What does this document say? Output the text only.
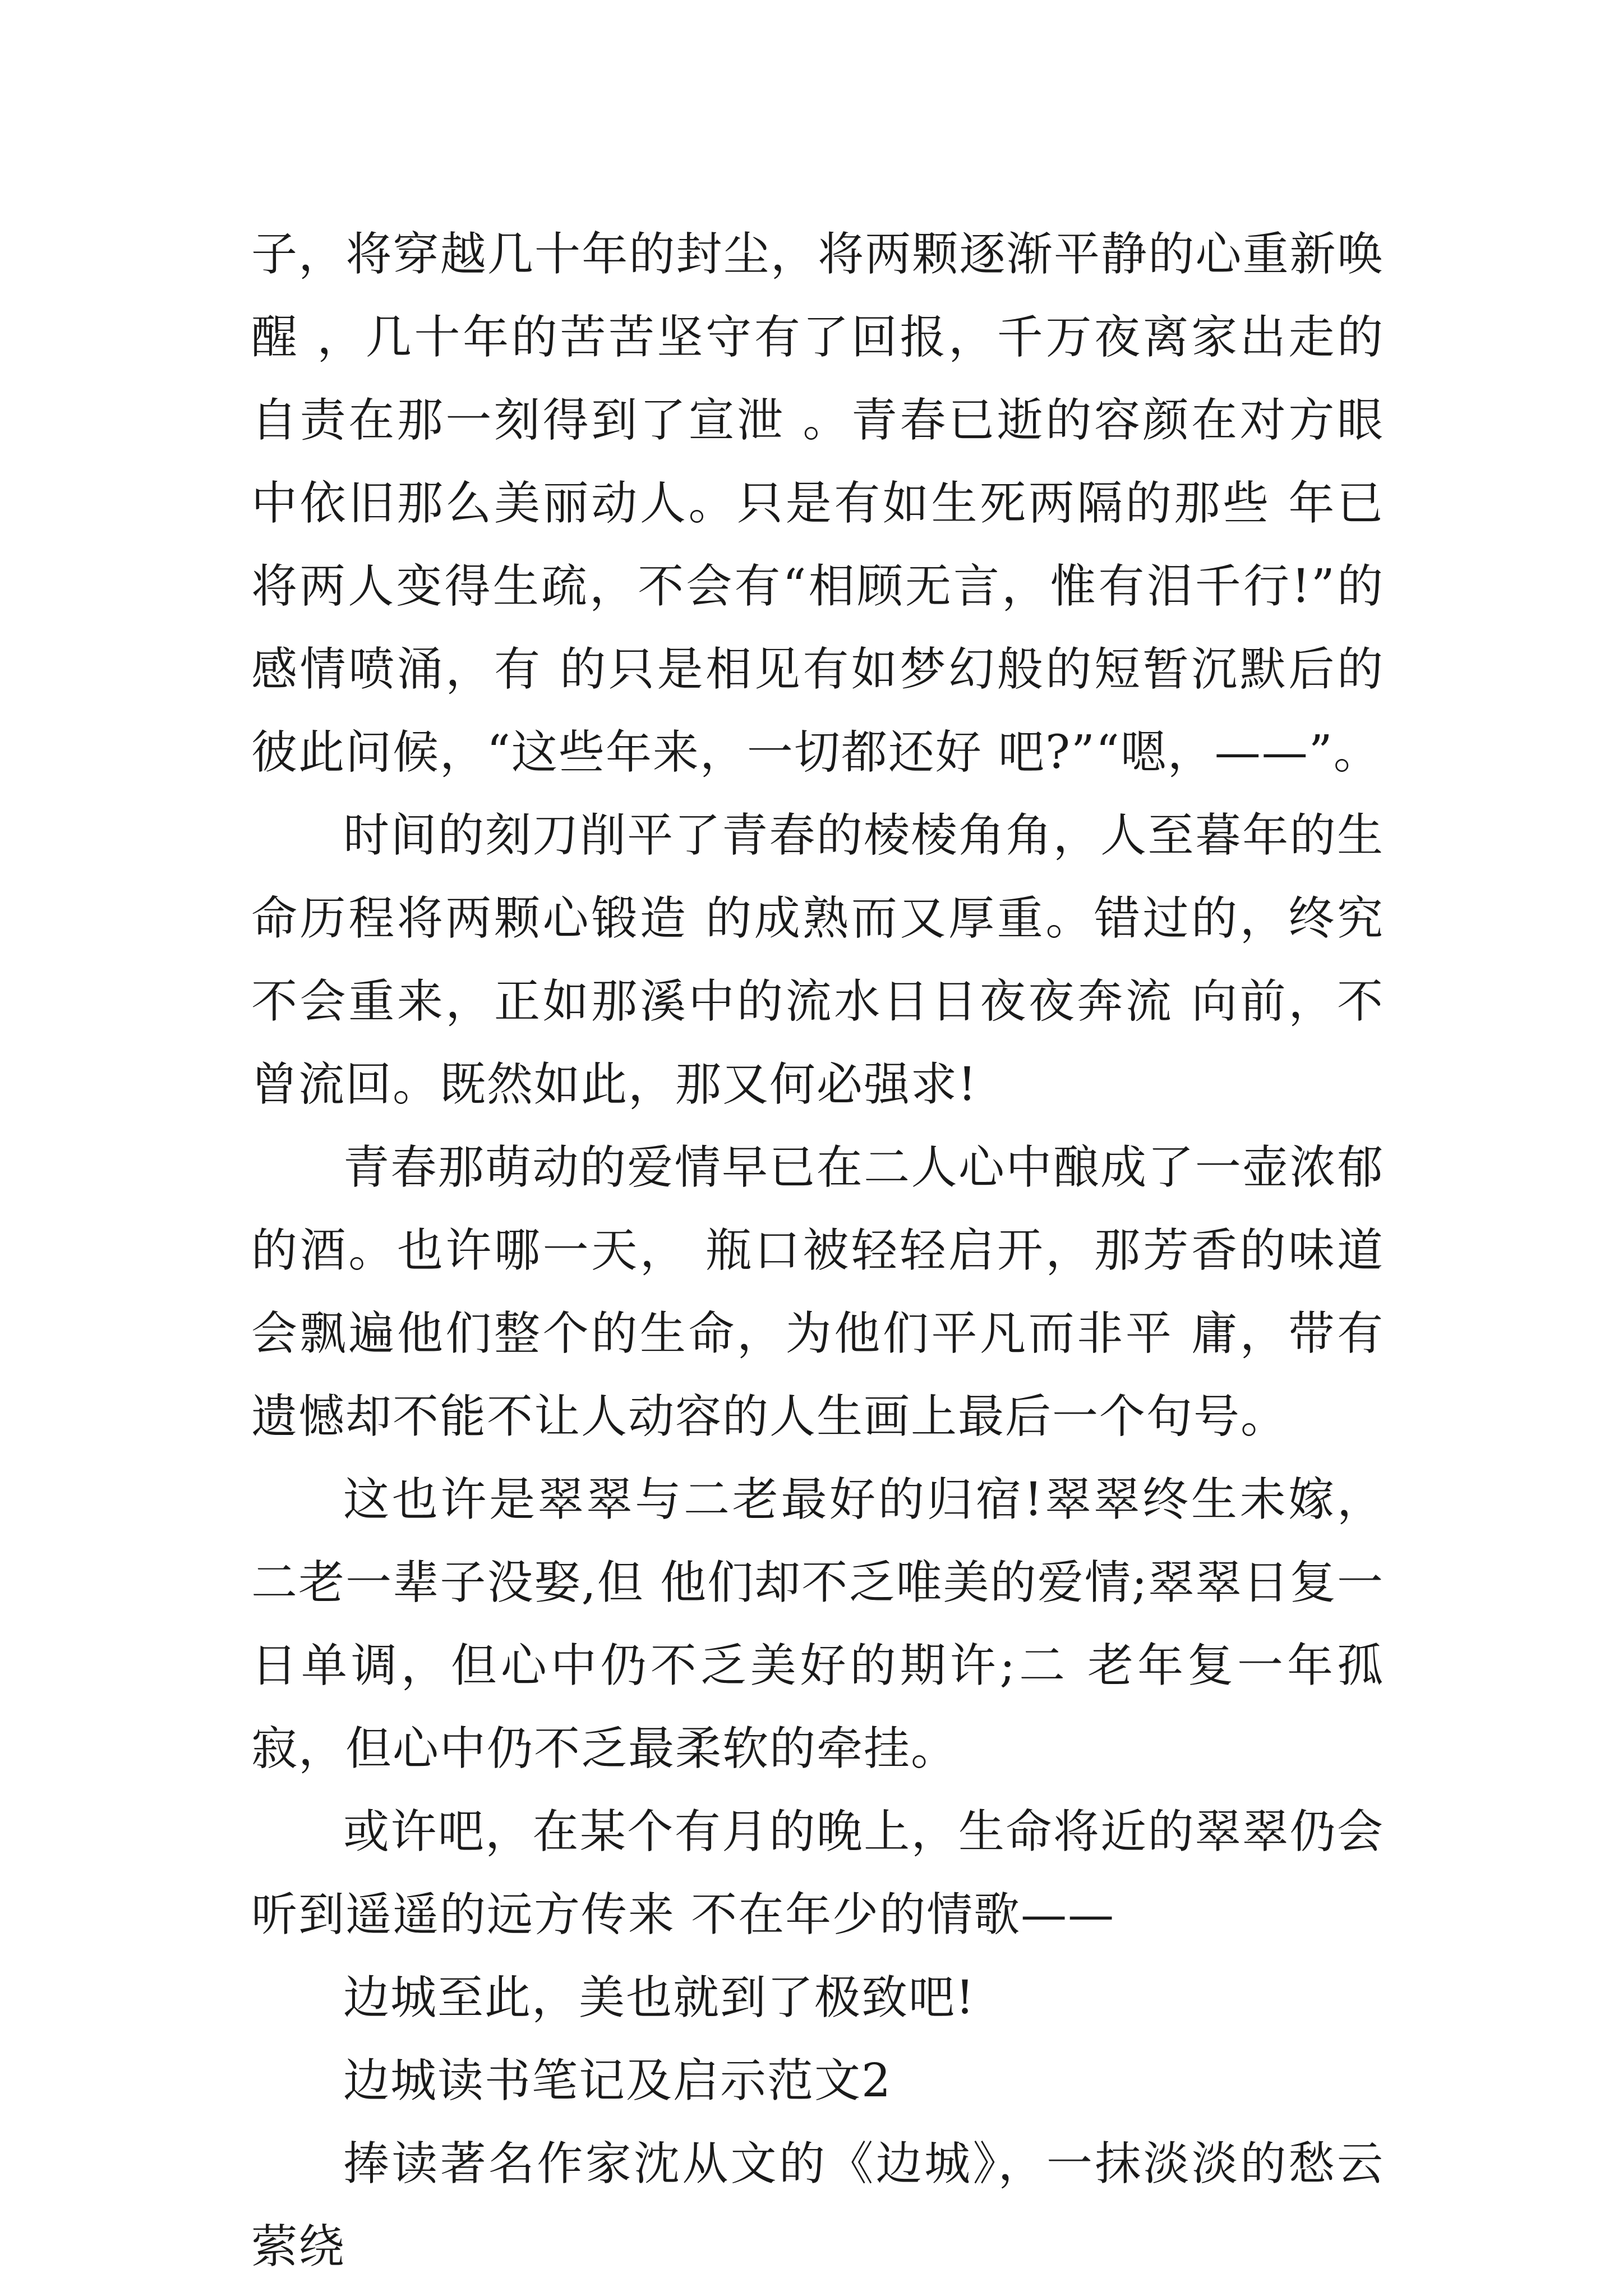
子，将穿越几十年的封尘，将两颗逐渐平静的心重新唤醒 ，几十年的苦苦坚守有了回报，千万夜离家出走的自责在那一刻得到了宣泄 。青春已逝的容颜在对方眼中依旧那么美丽动人。只是有如生死两隔的那些 年已将两人变得生疏，不会有“相顾无言，惟有泪千行!”的感情喷涌，有 的只是相见有如梦幻般的短暂沉默后的彼此问候，“这些年来，一切都还好 吧?”“嗯，——”。

时间的刻刀削平了青春的棱棱角角，人至暮年的生命历程将两颗心锻造 的成熟而又厚重。错过的，终究不会重来，正如那溪中的流水日日夜夜奔流 向前，不曾流回。既然如此，那又何必强求!

青春那萌动的爱情早已在二人心中酿成了一壶浓郁的酒。也许哪一天， 瓶口被轻轻启开，那芳香的味道会飘遍他们整个的生命，为他们平凡而非平 庸，带有遗憾却不能不让人动容的人生画上最后一个句号。

这也许是翠翠与二老最好的归宿!翠翠终生未嫁，二老一辈子没娶,但 他们却不乏唯美的爱情;翠翠日复一日单调，但心中仍不乏美好的期许;二 老年复一年孤寂，但心中仍不乏最柔软的牵挂。

或许吧，在某个有月的晚上，生命将近的翠翠仍会听到遥遥的远方传来 不在年少的情歌——

边城至此，美也就到了极致吧!

边城读书笔记及启示范文2

捧读著名作家沈从文的《边城》，一抹淡淡的愁云萦绕
